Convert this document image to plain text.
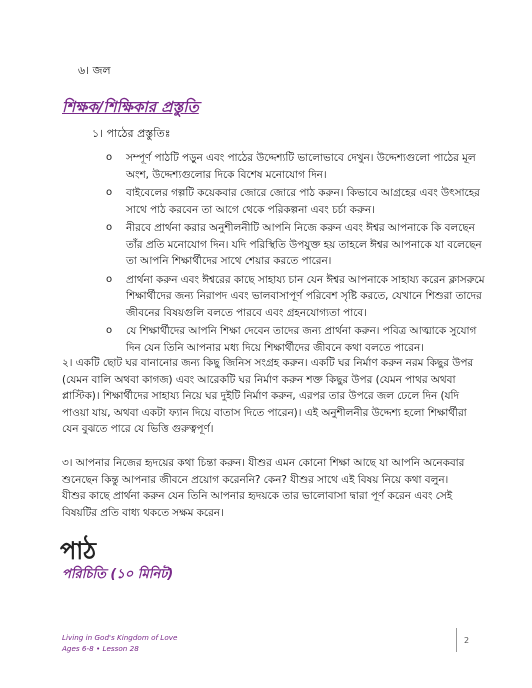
৬। জল
শিক্ষক/শিক্ষিকার প্রস্তুতি
১। পাঠের প্রস্তুতিঃ
o সম্পূর্ণ পাঠটি পড়ুন এবং পাঠের উদ্দেশ্যটি ভালোভাবে দেখুন। উদ্দেশ্যগুলো পাঠের মূল অংশ, উদ্দেশ্যগুলোর দিকে বিশেষ মনোযোগ দিন।
o বাইবেলের গল্পটি কয়েকবার জোরে জোরে পাঠ করুন। কিভাবে আগ্রহের এবং উৎসাহের সাথে পাঠ করবেন তা আগে থেকে পরিকল্পনা এবং চর্চা করুন।
o নীরবে প্রার্থনা করার অনুশীলনীটি আপনি নিজে করুন এবং ঈশ্বর আপনাকে কি বলছেন তাঁর প্রতি মনোযোগ দিন। যদি পরিস্থিতি উপযুক্ত হয় তাহলে ঈশ্বর আপনাকে যা বলেছেন তা আপনি শিক্ষার্থীদের সাথে শেয়ার করতে পারেন।
o প্রার্থনা করুন এবং ঈশ্বরের কাছে সাহায্য চান যেন ঈশ্বর আপনাকে সাহায্য করেন ক্লাসরুমে শিক্ষার্থীদের জন্য নিরাপদ এবং ভালবাসাপূর্ণ পরিবেশ সৃষ্টি করতে, যেখানে শিশুরা তাদের জীবনের বিষয়গুলি বলতে পারবে এবং গ্রহনযোগ্যতা পাবে।
o যে শিক্ষার্থীদের আপনি শিক্ষা দেবেন তাদের জন্য প্রার্থনা করুন। পবিত্র আত্মাকে সুযোগ দিন যেন তিনি আপনার মধ্য দিয়ে শিক্ষার্থীদের জীবনে কথা বলতে পারেন।

২। একটি ছোট ঘর বানানোর জন্য কিছু জিনিস সংগ্রহ করুন। একটি ঘর নির্মাণ করুন নরম কিছুর উপর (যেমন বালি অথবা কাগজ) এবং আরেকটি ঘর নির্মাণ করুন শক্ত কিছুর উপর (যেমন পাথর অথবা প্লাস্টিক)। শিক্ষার্থীদের সাহায্য নিয়ে ঘর দুইটি নির্মাণ করুন, এরপর তার উপরে জল ঢেলে দিন (যদি পাওয়া যায়, অথবা একটা ফ্যান দিয়ে বাতাস দিতে পারেন)। এই অনুশীলনীর উদ্দেশ্য হলো শিক্ষার্থীরা যেন বুঝতে পারে যে ভিত্তি গুরুত্বপূর্ণ।

৩। আপনার নিজের হৃদয়ের কথা চিন্তা করুন। যীশুর এমন কোনো শিক্ষা আছে যা আপনি অনেকবার শুনেছেন কিন্তু আপনার জীবনে প্রয়োগ করেননি? কেন? যীশুর সাথে এই বিষয় নিয়ে কথা বলুন। যীশুর কাছে প্রার্থনা করুন যেন তিনি আপনার হৃদয়কে তার ভালোবাসা দ্বারা পূর্ণ করেন এবং সেই বিষয়টির প্রতি বাধ্য থকতে সক্ষম করেন।

পাঠ
পরিচিতি (১০ মিনিট)
Living in God's Kingdom of Love
Ages 6-8 • Lesson 28
2
